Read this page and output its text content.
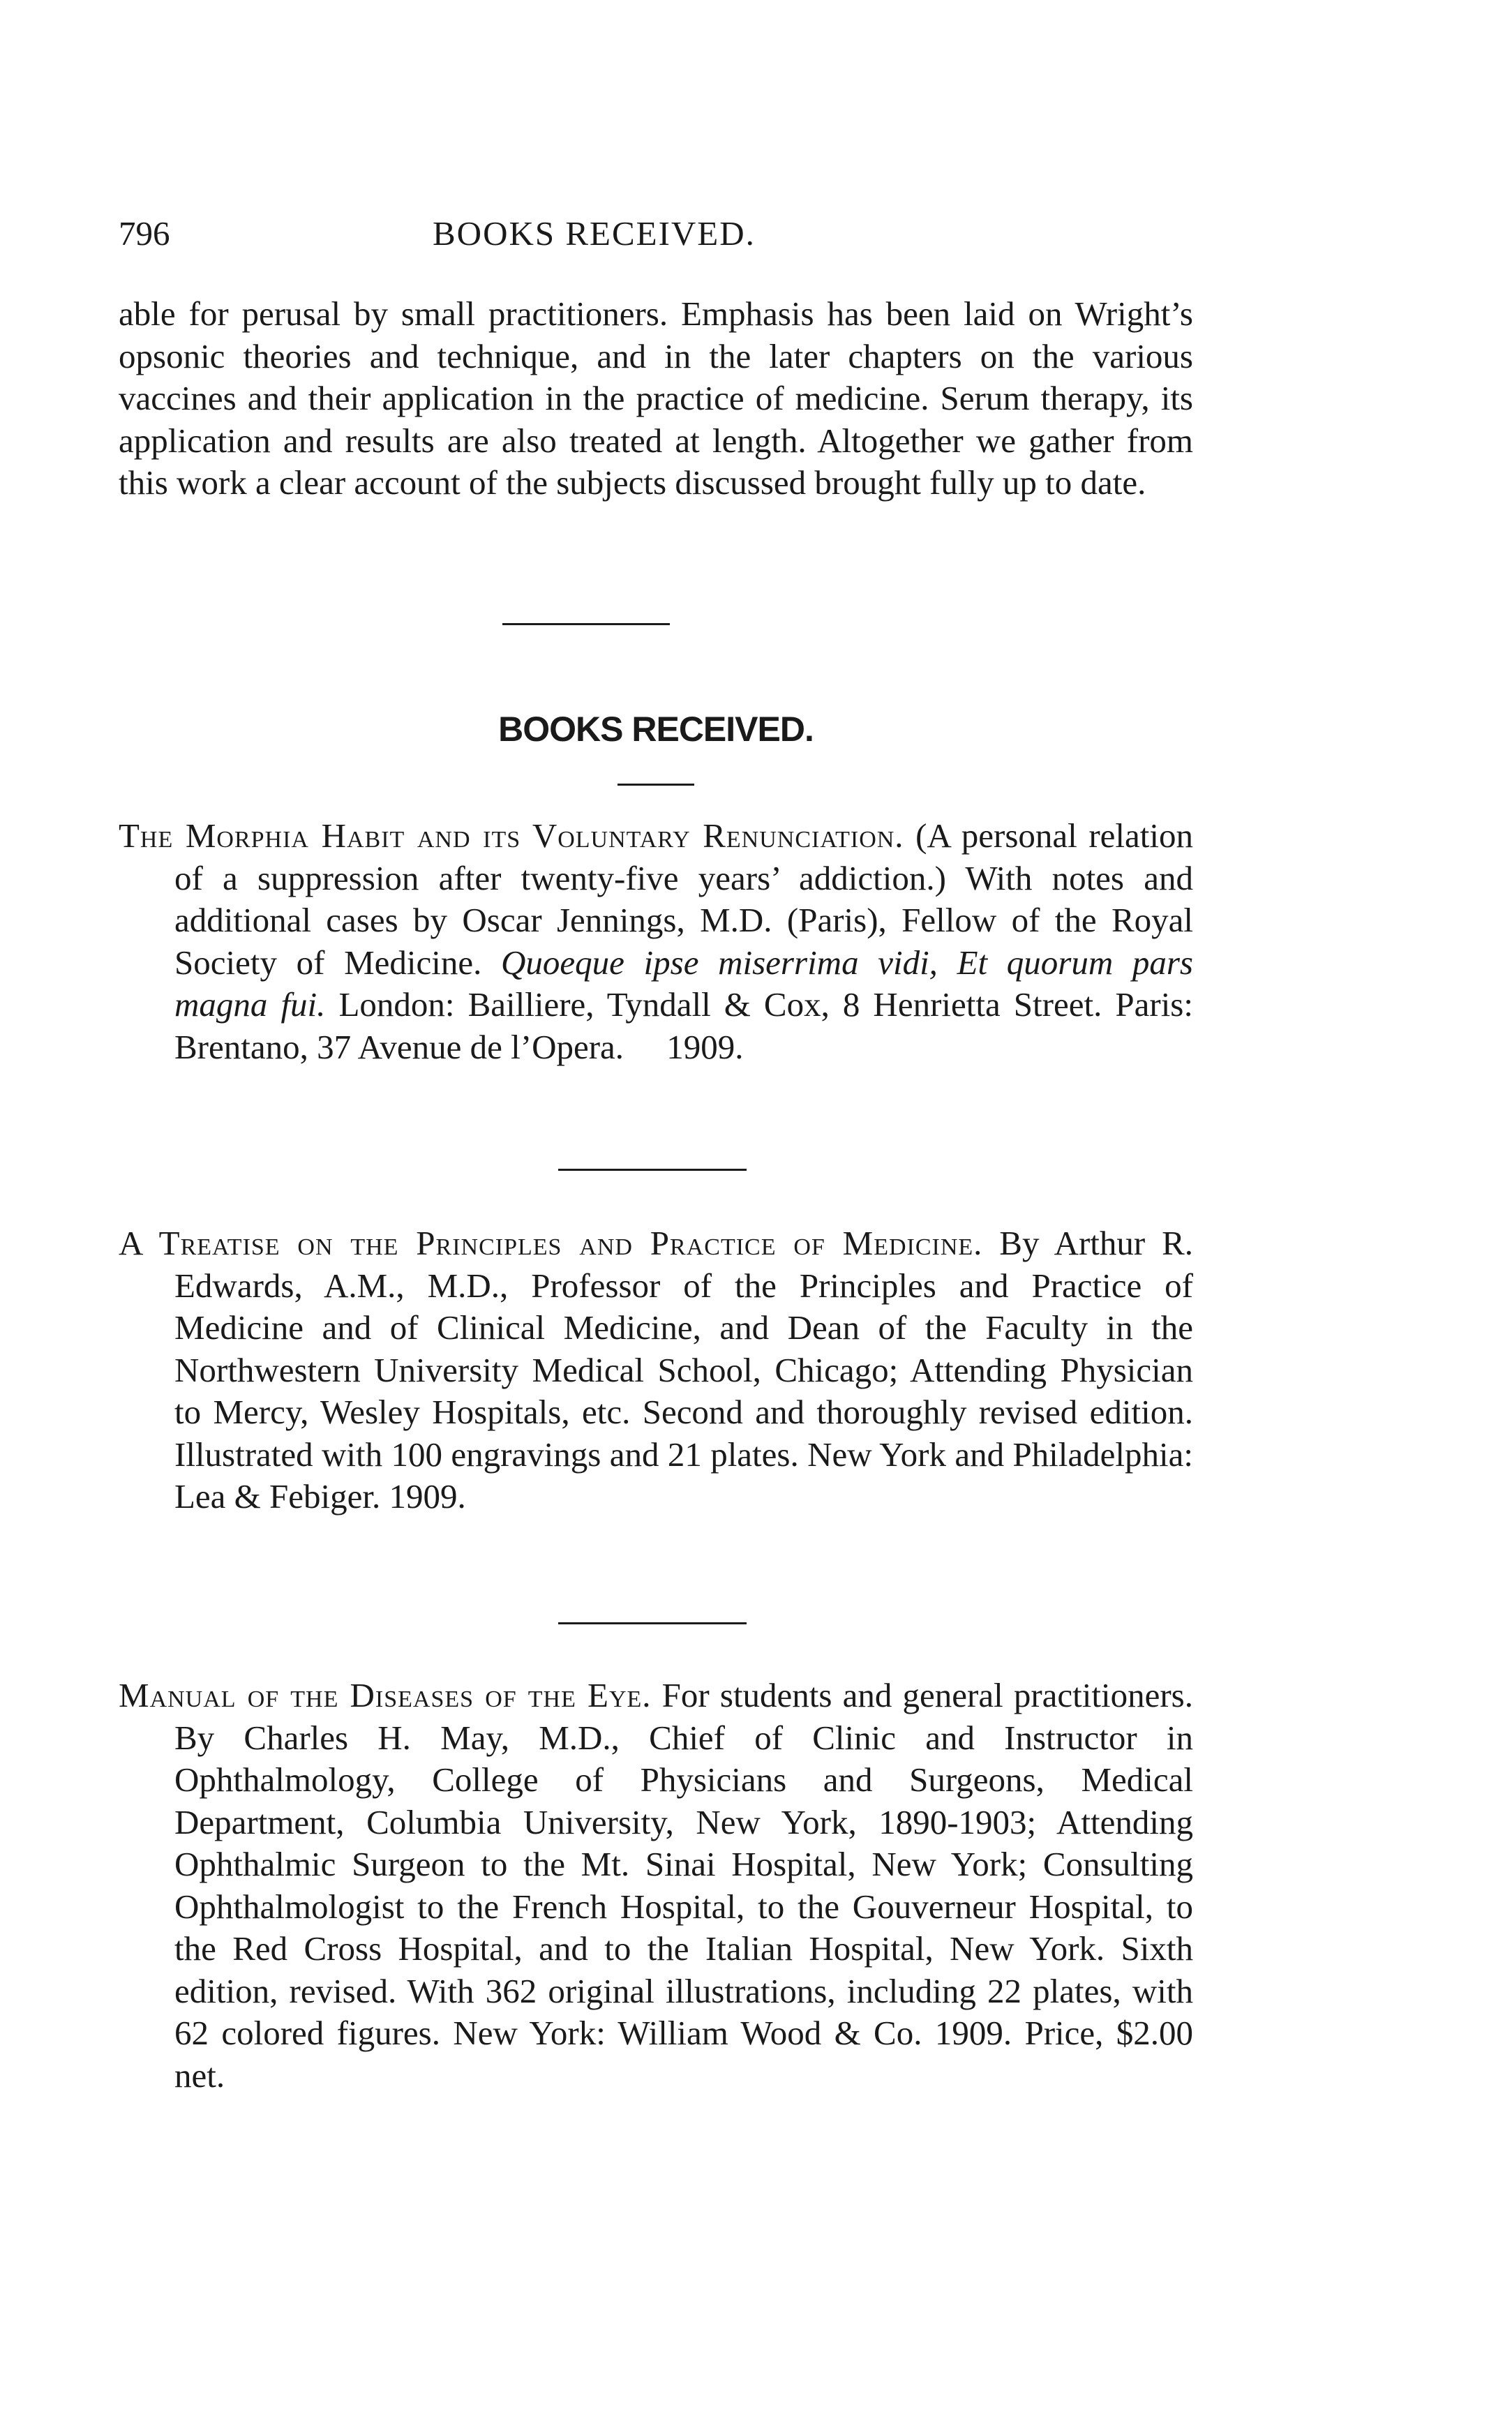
796	BOOKS RECEIVED.

able for perusal by small practitioners. Emphasis has been laid on Wright’s opsonic theories and technique, and in the later chapters on the various vaccines and their application in the practice of medicine. Serum therapy, its application and results are also treated at length. Altogether we gather from this work a clear account of the subjects discussed brought fully up to date.

BOOKS RECEIVED.

The Morphia Habit and its Voluntary Renunciation. (A personal relation of a suppression after twenty-five years’ addiction.) With notes and additional cases by Oscar Jennings, M.D. (Paris), Fellow of the Royal Society of Medicine. Quoeque ipse miserrima vidi, Et quorum pars magna fui. London: Bailliere, Tyndall & Cox, 8 Henrietta Street. Paris: Brentano, 37 Avenue de l’Opera. 1909.

A Treatise on the Principles and Practice of Medicine. By Arthur R. Edwards, A.M., M.D., Professor of the Principles and Practice of Medicine and of Clinical Medicine, and Dean of the Faculty in the Northwestern University Medical School, Chicago; Attending Physician to Mercy, Wesley Hospitals, etc. Second and thoroughly revised edition. Illustrated with 100 engravings and 21 plates. New York and Philadelphia: Lea & Febiger. 1909.

Manual of the Diseases of the Eye. For students and general practitioners. By Charles H. May, M.D., Chief of Clinic and Instructor in Ophthalmology, College of Physicians and Surgeons, Medical Department, Columbia University, New York, 1890-1903; Attending Ophthalmic Surgeon to the Mt. Sinai Hospital, New York; Consulting Ophthalmologist to the French Hospital, to the Gouverneur Hospital, to the Red Cross Hospital, and to the Italian Hospital, New York. Sixth edition, revised. With 362 original illustrations, including 22 plates, with 62 colored figures. New York: William Wood & Co. 1909. Price, $2.00 net.
